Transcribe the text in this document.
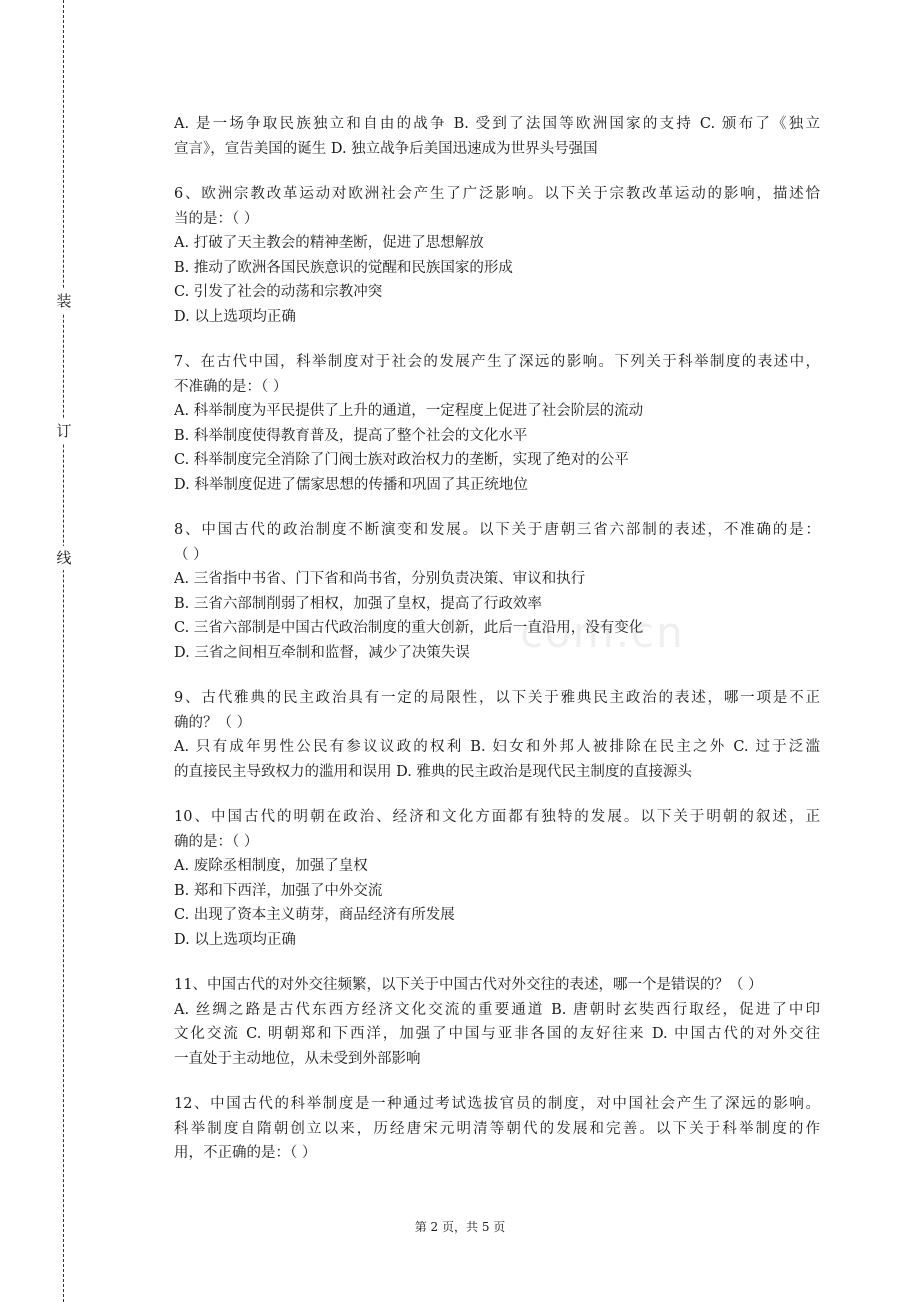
装
订
线
com.cn
A. 是一场争取民族独立和自由的战争 B. 受到了法国等欧洲国家的支持 C. 颁布了《独立
宣言》，宣告美国的诞生 D. 独立战争后美国迅速成为世界头号强国
6、欧洲宗教改革运动对欧洲社会产生了广泛影响。以下关于宗教改革运动的影响，描述恰
当的是：（ ）
A. 打破了天主教会的精神垄断，促进了思想解放
B. 推动了欧洲各国民族意识的觉醒和民族国家的形成
C. 引发了社会的动荡和宗教冲突
D. 以上选项均正确
7、在古代中国，科举制度对于社会的发展产生了深远的影响。下列关于科举制度的表述中，
不准确的是：（ ）
A. 科举制度为平民提供了上升的通道，一定程度上促进了社会阶层的流动
B. 科举制度使得教育普及，提高了整个社会的文化水平
C. 科举制度完全消除了门阀士族对政治权力的垄断，实现了绝对的公平
D. 科举制度促进了儒家思想的传播和巩固了其正统地位
8、中国古代的政治制度不断演变和发展。以下关于唐朝三省六部制的表述，不准确的是：
（ ）
A. 三省指中书省、门下省和尚书省，分别负责决策、审议和执行
B. 三省六部制削弱了相权，加强了皇权，提高了行政效率
C. 三省六部制是中国古代政治制度的重大创新，此后一直沿用，没有变化
D. 三省之间相互牵制和监督，减少了决策失误
9、古代雅典的民主政治具有一定的局限性，以下关于雅典民主政治的表述，哪一项是不正
确的？（ ）
A. 只有成年男性公民有参议议政的权利 B. 妇女和外邦人被排除在民主之外 C. 过于泛滥
的直接民主导致权力的滥用和误用 D. 雅典的民主政治是现代民主制度的直接源头
10、中国古代的明朝在政治、经济和文化方面都有独特的发展。以下关于明朝的叙述，正
确的是：（ ）
A. 废除丞相制度，加强了皇权
B. 郑和下西洋，加强了中外交流
C. 出现了资本主义萌芽，商品经济有所发展
D. 以上选项均正确
11、中国古代的对外交往频繁，以下关于中国古代对外交往的表述，哪一个是错误的？（ ）
A. 丝绸之路是古代东西方经济文化交流的重要通道 B. 唐朝时玄奘西行取经，促进了中印
文化交流 C. 明朝郑和下西洋，加强了中国与亚非各国的友好往来 D. 中国古代的对外交往
一直处于主动地位，从未受到外部影响
12、中国古代的科举制度是一种通过考试选拔官员的制度，对中国社会产生了深远的影响。
科举制度自隋朝创立以来，历经唐宋元明清等朝代的发展和完善。以下关于科举制度的作
用，不正确的是：（ ）
第 2 页，共 5 页
